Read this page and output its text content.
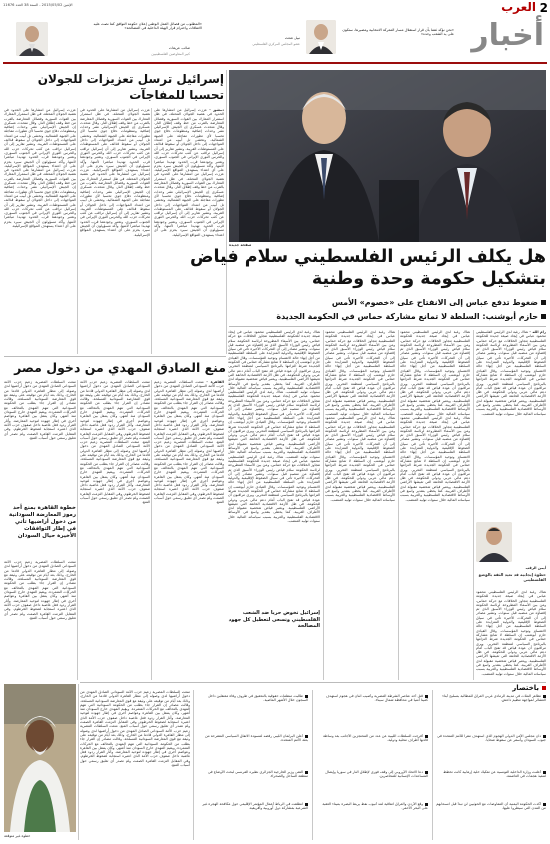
2
العرب
الإثنين 2015/05/02 - السنة 38 العدد 11676
أخبار
«نحن نؤكد ثقتنا بأن قرار استقلال مسار المعركة الانتخابية ومصيرها، ستكون على يد الشعب وحده»
نبيل شعث
عضو المجلس المركزي الفلسطيني
«المطلوب من فصائل العمل الوطني إعلان حكومة التوافق كما نصت عليه الاتفاقات واحترام قرار الهيئة الداخلية في المصالحة»
صائب عريقات
كبير المفاوضين الفلسطينيين
صفحة جديدة
إسرائيل ترسل تعزيزات للجولان
تحسبا للمفاجآت
دمشق - عززت إسرائيل من انتشارها على الحدود في هضبة الجولان المحتلة، في ظل استمرار المعارك بين القوات السورية وفصائل المعارضة بالقرب من خط وقف إطلاق النار. وقال متحدث عسكري إن الجيش الإسرائيلي نشر وحدات إضافية ومنظومات دفاع جوي تحسبا لأي تطورات مفاجئة على الجبهة الشمالية. وتخشى تل أبيب من امتداد المواجهات إلى داخل الجولان أو سقوط قذائف على المستوطنات القريبة. وتشير تقارير إلى أن إسرائيل تراقب عن كثب تحركات حزب الله والحرس الثوري الإيراني في الجنوب السوري، وتعتبر وجودهما قرب الحدود تهديدا مباشرا لأمنها. وأكد مسؤولون أن الجيش سيرد بحزم على أي اعتداء يستهدف المواقع الإسرائيلية. عززت إسرائيل من انتشارها على الحدود في هضبة الجولان المحتلة، في ظل استمرار المعارك بين القوات السورية وفصائل المعارضة بالقرب من خط وقف إطلاق النار. وقال متحدث عسكري إن الجيش الإسرائيلي نشر وحدات إضافية ومنظومات دفاع جوي تحسبا لأي تطورات مفاجئة على الجبهة الشمالية. وتخشى تل أبيب من امتداد المواجهات إلى داخل الجولان أو سقوط قذائف على المستوطنات القريبة. وتشير تقارير إلى أن إسرائيل تراقب عن كثب تحركات حزب الله والحرس الثوري الإيراني في الجنوب السوري، وتعتبر وجودهما قرب الحدود تهديدا مباشرا لأمنها. وأكد مسؤولون أن الجيش سيرد بحزم على أي اعتداء يستهدف المواقع الإسرائيلية.
عززت إسرائيل من انتشارها على الحدود في هضبة الجولان المحتلة، في ظل استمرار المعارك بين القوات السورية وفصائل المعارضة بالقرب من خط وقف إطلاق النار. وقال متحدث عسكري إن الجيش الإسرائيلي نشر وحدات إضافية ومنظومات دفاع جوي تحسبا لأي تطورات مفاجئة على الجبهة الشمالية. وتخشى تل أبيب من امتداد المواجهات إلى داخل الجولان أو سقوط قذائف على المستوطنات القريبة. وتشير تقارير إلى أن إسرائيل تراقب عن كثب تحركات حزب الله والحرس الثوري الإيراني في الجنوب السوري، وتعتبر وجودهما قرب الحدود تهديدا مباشرا لأمنها. وأكد مسؤولون أن الجيش سيرد بحزم على أي اعتداء يستهدف المواقع الإسرائيلية. عززت إسرائيل من انتشارها على الحدود في هضبة الجولان المحتلة، في ظل استمرار المعارك بين القوات السورية وفصائل المعارضة بالقرب من خط وقف إطلاق النار. وقال متحدث عسكري إن الجيش الإسرائيلي نشر وحدات إضافية ومنظومات دفاع جوي تحسبا لأي تطورات مفاجئة على الجبهة الشمالية. وتخشى تل أبيب من امتداد المواجهات إلى داخل الجولان أو سقوط قذائف على المستوطنات القريبة. وتشير تقارير إلى أن إسرائيل تراقب عن كثب تحركات حزب الله والحرس الثوري الإيراني في الجنوب السوري، وتعتبر وجودهما قرب الحدود تهديدا مباشرا لأمنها. وأكد مسؤولون أن الجيش سيرد بحزم على أي اعتداء يستهدف المواقع الإسرائيلية.
عززت إسرائيل من انتشارها على الحدود في هضبة الجولان المحتلة، في ظل استمرار المعارك بين القوات السورية وفصائل المعارضة بالقرب من خط وقف إطلاق النار. وقال متحدث عسكري إن الجيش الإسرائيلي نشر وحدات إضافية ومنظومات دفاع جوي تحسبا لأي تطورات مفاجئة على الجبهة الشمالية. وتخشى تل أبيب من امتداد المواجهات إلى داخل الجولان أو سقوط قذائف على المستوطنات القريبة. وتشير تقارير إلى أن إسرائيل تراقب عن كثب تحركات حزب الله والحرس الثوري الإيراني في الجنوب السوري، وتعتبر وجودهما قرب الحدود تهديدا مباشرا لأمنها. وأكد مسؤولون أن الجيش سيرد بحزم على أي اعتداء يستهدف المواقع الإسرائيلية. عززت إسرائيل من انتشارها على الحدود في هضبة الجولان المحتلة، في ظل استمرار المعارك بين القوات السورية وفصائل المعارضة بالقرب من خط وقف إطلاق النار. وقال متحدث عسكري إن الجيش الإسرائيلي نشر وحدات إضافية ومنظومات دفاع جوي تحسبا لأي تطورات مفاجئة على الجبهة الشمالية. وتخشى تل أبيب من امتداد المواجهات إلى داخل الجولان أو سقوط قذائف على المستوطنات القريبة. وتشير تقارير إلى أن إسرائيل تراقب عن كثب تحركات حزب الله والحرس الثوري الإيراني في الجنوب السوري، وتعتبر وجودهما قرب الحدود تهديدا مباشرا لأمنها. وأكد مسؤولون أن الجيش سيرد بحزم على أي اعتداء يستهدف المواقع الإسرائيلية.
هل يكلف الرئيس الفلسطيني سلام فياض
بتشكيل حكومة وحدة وطنية
ضغوط تدفع عباس إلى الانفتاح على «خصوم» الأمس
حازم أبوشنب: السلطة لا تمانع مشاركة حماس في الحكومة الجديدة
رام الله - هناك رغبة لدى الرئيس الفلسطيني محمود عباس في إيجاد صيغة جديدة للحكومة الفلسطينية تتجاوز الخلافات مع حركة حماس، ومن بين الأسماء المطروحة لرئاسة الحكومة سلام فياض رئيس الوزراء الأسبق الذي تم إقصاؤه من منصبه قبل سنوات. وتشير مصادر إلى أن التحركات الأخيرة تأتي في سياق الضغوط الإقليمية والدولية المتزايدة على السلطة الفلسطينية من أجل إنهاء حالة الانقسام وتوحيد المؤسسات. وقال القيادي حازم أبوشنب إن السلطة لا تمانع مشاركة حماس في الحكومة الجديدة شرط التزامها بالبرنامج السياسي لمنظمة التحرير. ويرى مراقبون أن عودة فياض قد تفتح الباب أمام دعم مالي عربي ودولي للحكومة، في ظل الأزمة الاقتصادية الخانقة التي تعيشها الأراضي الفلسطينية. ويعتبر فياض شخصية مقبولة لدى الأطراف الغربية، كما يحظى بتقدير واسع في الأوساط الاقتصادية الفلسطينية والعربية بسبب سياساته المالية خلال سنوات توليه المنصب.
هناك رغبة لدى الرئيس الفلسطيني محمود عباس في إيجاد صيغة جديدة للحكومة الفلسطينية تتجاوز الخلافات مع حركة حماس، ومن بين الأسماء المطروحة لرئاسة الحكومة سلام فياض رئيس الوزراء الأسبق الذي تم إقصاؤه من منصبه قبل سنوات. وتشير مصادر إلى أن التحركات الأخيرة تأتي في سياق الضغوط الإقليمية والدولية المتزايدة على السلطة الفلسطينية من أجل إنهاء حالة الانقسام وتوحيد المؤسسات. وقال القيادي حازم أبوشنب إن السلطة لا تمانع مشاركة حماس في الحكومة الجديدة شرط التزامها بالبرنامج السياسي لمنظمة التحرير. ويرى مراقبون أن عودة فياض قد تفتح الباب أمام دعم مالي عربي ودولي للحكومة، في ظل الأزمة الاقتصادية الخانقة التي تعيشها الأراضي الفلسطينية. ويعتبر فياض شخصية مقبولة لدى الأطراف الغربية، كما يحظى بتقدير واسع في الأوساط الاقتصادية الفلسطينية والعربية بسبب سياساته المالية خلال سنوات توليه المنصب. هناك رغبة لدى الرئيس الفلسطيني محمود عباس في إيجاد صيغة جديدة للحكومة الفلسطينية تتجاوز الخلافات مع حركة حماس، ومن بين الأسماء المطروحة لرئاسة الحكومة سلام فياض رئيس الوزراء الأسبق الذي تم إقصاؤه من منصبه قبل سنوات. وتشير مصادر إلى أن التحركات الأخيرة تأتي في سياق الضغوط الإقليمية والدولية المتزايدة على السلطة الفلسطينية من أجل إنهاء حالة الانقسام وتوحيد المؤسسات. وقال القيادي حازم أبوشنب إن السلطة لا تمانع مشاركة حماس في الحكومة الجديدة شرط التزامها بالبرنامج السياسي لمنظمة التحرير. ويرى مراقبون أن عودة فياض قد تفتح الباب أمام دعم مالي عربي ودولي للحكومة، في ظل الأزمة الاقتصادية الخانقة التي تعيشها الأراضي الفلسطينية. ويعتبر فياض شخصية مقبولة لدى الأطراف الغربية، كما يحظى بتقدير واسع في الأوساط الاقتصادية الفلسطينية والعربية بسبب سياساته المالية خلال سنوات توليه المنصب.
هناك رغبة لدى الرئيس الفلسطيني محمود عباس في إيجاد صيغة جديدة للحكومة الفلسطينية تتجاوز الخلافات مع حركة حماس، ومن بين الأسماء المطروحة لرئاسة الحكومة سلام فياض رئيس الوزراء الأسبق الذي تم إقصاؤه من منصبه قبل سنوات. وتشير مصادر إلى أن التحركات الأخيرة تأتي في سياق الضغوط الإقليمية والدولية المتزايدة على السلطة الفلسطينية من أجل إنهاء حالة الانقسام وتوحيد المؤسسات. وقال القيادي حازم أبوشنب إن السلطة لا تمانع مشاركة حماس في الحكومة الجديدة شرط التزامها بالبرنامج السياسي لمنظمة التحرير. ويرى مراقبون أن عودة فياض قد تفتح الباب أمام دعم مالي عربي ودولي للحكومة، في ظل الأزمة الاقتصادية الخانقة التي تعيشها الأراضي الفلسطينية. ويعتبر فياض شخصية مقبولة لدى الأطراف الغربية، كما يحظى بتقدير واسع في الأوساط الاقتصادية الفلسطينية والعربية بسبب سياساته المالية خلال سنوات توليه المنصب. هناك رغبة لدى الرئيس الفلسطيني محمود عباس في إيجاد صيغة جديدة للحكومة الفلسطينية تتجاوز الخلافات مع حركة حماس، ومن بين الأسماء المطروحة لرئاسة الحكومة سلام فياض رئيس الوزراء الأسبق الذي تم إقصاؤه من منصبه قبل سنوات. وتشير مصادر إلى أن التحركات الأخيرة تأتي في سياق الضغوط الإقليمية والدولية المتزايدة على السلطة الفلسطينية من أجل إنهاء حالة الانقسام وتوحيد المؤسسات. وقال القيادي حازم أبوشنب إن السلطة لا تمانع مشاركة حماس في الحكومة الجديدة شرط التزامها بالبرنامج السياسي لمنظمة التحرير. ويرى مراقبون أن عودة فياض قد تفتح الباب أمام دعم مالي عربي ودولي للحكومة، في ظل الأزمة الاقتصادية الخانقة التي تعيشها الأراضي الفلسطينية. ويعتبر فياض شخصية مقبولة لدى الأطراف الغربية، كما يحظى بتقدير واسع في الأوساط الاقتصادية الفلسطينية والعربية بسبب سياساته المالية خلال سنوات توليه المنصب.
هناك رغبة لدى الرئيس الفلسطيني محمود عباس في إيجاد صيغة جديدة للحكومة الفلسطينية تتجاوز الخلافات مع حركة حماس، ومن بين الأسماء المطروحة لرئاسة الحكومة سلام فياض رئيس الوزراء الأسبق الذي تم إقصاؤه من منصبه قبل سنوات. وتشير مصادر إلى أن التحركات الأخيرة تأتي في سياق الضغوط الإقليمية والدولية المتزايدة على السلطة الفلسطينية من أجل إنهاء حالة الانقسام وتوحيد المؤسسات. وقال القيادي حازم أبوشنب إن السلطة لا تمانع مشاركة حماس في الحكومة الجديدة شرط التزامها بالبرنامج السياسي لمنظمة التحرير. ويرى مراقبون أن عودة فياض قد تفتح الباب أمام دعم مالي عربي ودولي للحكومة، في ظل الأزمة الاقتصادية الخانقة التي تعيشها الأراضي الفلسطينية. ويعتبر فياض شخصية مقبولة لدى الأطراف الغربية، كما يحظى بتقدير واسع في الأوساط الاقتصادية الفلسطينية والعربية بسبب سياساته المالية خلال سنوات توليه المنصب. هناك رغبة لدى الرئيس الفلسطيني محمود عباس في إيجاد صيغة جديدة للحكومة الفلسطينية تتجاوز الخلافات مع حركة حماس، ومن بين الأسماء المطروحة لرئاسة الحكومة سلام فياض رئيس الوزراء الأسبق الذي تم إقصاؤه من منصبه قبل سنوات. وتشير مصادر إلى أن التحركات الأخيرة تأتي في سياق الضغوط الإقليمية والدولية المتزايدة على السلطة الفلسطينية من أجل إنهاء حالة الانقسام وتوحيد المؤسسات. وقال القيادي حازم أبوشنب إن السلطة لا تمانع مشاركة حماس في الحكومة الجديدة شرط التزامها بالبرنامج السياسي لمنظمة التحرير. ويرى مراقبون أن عودة فياض قد تفتح الباب أمام دعم مالي عربي ودولي للحكومة، في ظل الأزمة الاقتصادية الخانقة التي تعيشها الأراضي الفلسطينية. ويعتبر فياض شخصية مقبولة لدى الأطراف الغربية، كما يحظى بتقدير واسع في الأوساط الاقتصادية الفلسطينية والعربية بسبب سياساته المالية خلال سنوات توليه المنصب. هناك رغبة لدى الرئيس الفلسطيني محمود عباس في إيجاد صيغة جديدة للحكومة الفلسطينية تتجاوز الخلافات مع حركة حماس، ومن بين الأسماء المطروحة لرئاسة الحكومة سلام فياض رئيس الوزراء الأسبق الذي تم إقصاؤه من منصبه قبل سنوات. وتشير مصادر إلى أن التحركات الأخيرة تأتي في سياق الضغوط الإقليمية والدولية المتزايدة على السلطة الفلسطينية من أجل إنهاء حالة الانقسام وتوحيد المؤسسات. وقال القيادي حازم أبوشنب إن السلطة لا تمانع مشاركة حماس في الحكومة الجديدة شرط التزامها بالبرنامج السياسي لمنظمة التحرير. ويرى مراقبون أن عودة فياض قد تفتح الباب أمام دعم مالي عربي ودولي للحكومة، في ظل الأزمة الاقتصادية الخانقة التي تعيشها الأراضي الفلسطينية. ويعتبر فياض شخصية مقبولة لدى الأطراف الغربية، كما يحظى بتقدير واسع في الأوساط الاقتصادية الفلسطينية والعربية بسبب سياساته المالية خلال سنوات توليه المنصب.
أيمن الرقب
خطوة إيجابية قد تعيد الثقة بالوضع الفلسطيني
هناك رغبة لدى الرئيس الفلسطيني محمود عباس في إيجاد صيغة جديدة للحكومة الفلسطينية تتجاوز الخلافات مع حركة حماس، ومن بين الأسماء المطروحة لرئاسة الحكومة سلام فياض رئيس الوزراء الأسبق الذي تم إقصاؤه من منصبه قبل سنوات. وتشير مصادر إلى أن التحركات الأخيرة تأتي في سياق الضغوط الإقليمية والدولية المتزايدة على السلطة الفلسطينية من أجل إنهاء حالة الانقسام وتوحيد المؤسسات. وقال القيادي حازم أبوشنب إن السلطة لا تمانع مشاركة حماس في الحكومة الجديدة شرط التزامها بالبرنامج السياسي لمنظمة التحرير. ويرى مراقبون أن عودة فياض قد تفتح الباب أمام دعم مالي عربي ودولي للحكومة، في ظل الأزمة الاقتصادية الخانقة التي تعيشها الأراضي الفلسطينية. ويعتبر فياض شخصية مقبولة لدى الأطراف الغربية، كما يحظى بتقدير واسع في الأوساط الاقتصادية الفلسطينية والعربية بسبب سياساته المالية خلال سنوات توليه المنصب.
إسرائيل تخوض حربا ضد الشعب الفلسطيني وتسعى لتعطيل كل جهود المصالحة
منع الصادق المهدي من دخول مصر
القاهرة - منعت السلطات المصرية زعيم حزب الأمة السوداني الصادق المهدي من دخول أراضيها لدى وصوله إلى مطار القاهرة الدولي قادما من الخارج، وذلك بعد أيام من توقيعه على وثيقة مع قوى المعارضة السودانية المسلحة. وقالت مصادر إن القرار جاء بطلب من الحكومة السودانية التي تتهم المهدي بالتحالف مع الحركات المتمردة. ويقيم المهدي خارج السودان منذ أشهر، وكان يتنقل بين القاهرة وعواصم أخرى في إطار جهوده لتوحيد المعارضة. وأثار القرار ردود فعل غاضبة داخل صفوف حزب الأمة الذي اعتبره استجابة لضغوط الخرطوم. وفي المقابل التزمت القاهرة الصمت ولم تصدر أي تعليق رسمي حول أسباب المنع. منعت السلطات المصرية زعيم حزب الأمة السوداني الصادق المهدي من دخول أراضيها لدى وصوله إلى مطار القاهرة الدولي قادما من الخارج، وذلك بعد أيام من توقيعه على وثيقة مع قوى المعارضة السودانية المسلحة. وقالت مصادر إن القرار جاء بطلب من الحكومة السودانية التي تتهم المهدي بالتحالف مع الحركات المتمردة. ويقيم المهدي خارج السودان منذ أشهر، وكان يتنقل بين القاهرة وعواصم أخرى في إطار جهوده لتوحيد المعارضة. وأثار القرار ردود فعل غاضبة داخل صفوف حزب الأمة الذي اعتبره استجابة لضغوط الخرطوم. وفي المقابل التزمت القاهرة الصمت ولم تصدر أي تعليق رسمي حول أسباب المنع.
منعت السلطات المصرية زعيم حزب الأمة السوداني الصادق المهدي من دخول أراضيها لدى وصوله إلى مطار القاهرة الدولي قادما من الخارج، وذلك بعد أيام من توقيعه على وثيقة مع قوى المعارضة السودانية المسلحة. وقالت مصادر إن القرار جاء بطلب من الحكومة السودانية التي تتهم المهدي بالتحالف مع الحركات المتمردة. ويقيم المهدي خارج السودان منذ أشهر، وكان يتنقل بين القاهرة وعواصم أخرى في إطار جهوده لتوحيد المعارضة. وأثار القرار ردود فعل غاضبة داخل صفوف حزب الأمة الذي اعتبره استجابة لضغوط الخرطوم. وفي المقابل التزمت القاهرة الصمت ولم تصدر أي تعليق رسمي حول أسباب المنع. منعت السلطات المصرية زعيم حزب الأمة السوداني الصادق المهدي من دخول أراضيها لدى وصوله إلى مطار القاهرة الدولي قادما من الخارج، وذلك بعد أيام من توقيعه على وثيقة مع قوى المعارضة السودانية المسلحة. وقالت مصادر إن القرار جاء بطلب من الحكومة السودانية التي تتهم المهدي بالتحالف مع الحركات المتمردة. ويقيم المهدي خارج السودان منذ أشهر، وكان يتنقل بين القاهرة وعواصم أخرى في إطار جهوده لتوحيد المعارضة. وأثار القرار ردود فعل غاضبة داخل صفوف حزب الأمة الذي اعتبره استجابة لضغوط الخرطوم. وفي المقابل التزمت القاهرة الصمت ولم تصدر أي تعليق رسمي حول أسباب المنع.
منعت السلطات المصرية زعيم حزب الأمة السوداني الصادق المهدي من دخول أراضيها لدى وصوله إلى مطار القاهرة الدولي قادما من الخارج، وذلك بعد أيام من توقيعه على وثيقة مع قوى المعارضة السودانية المسلحة. وقالت مصادر إن القرار جاء بطلب من الحكومة السودانية التي تتهم المهدي بالتحالف مع الحركات المتمردة. ويقيم المهدي خارج السودان منذ أشهر، وكان يتنقل بين القاهرة وعواصم أخرى في إطار جهوده لتوحيد المعارضة. وأثار القرار ردود فعل غاضبة داخل صفوف حزب الأمة الذي اعتبره استجابة لضغوط الخرطوم. وفي المقابل التزمت القاهرة الصمت ولم تصدر أي تعليق رسمي حول أسباب المنع.
خطوة القاهرة بمنع أحد رموز المعارضة السودانية من دخول أراضيها تأتي في إطار التوافقات الأخيرة حيال السودان
منعت السلطات المصرية زعيم حزب الأمة السوداني الصادق المهدي من دخول أراضيها لدى وصوله إلى مطار القاهرة الدولي قادما من الخارج، وذلك بعد أيام من توقيعه على وثيقة مع قوى المعارضة السودانية المسلحة. وقالت مصادر إن القرار جاء بطلب من الحكومة السودانية التي تتهم المهدي بالتحالف مع الحركات المتمردة. ويقيم المهدي خارج السودان منذ أشهر، وكان يتنقل بين القاهرة وعواصم أخرى في إطار جهوده لتوحيد المعارضة. وأثار القرار ردود فعل غاضبة داخل صفوف حزب الأمة الذي اعتبره استجابة لضغوط الخرطوم. وفي المقابل التزمت القاهرة الصمت ولم تصدر أي تعليق رسمي حول أسباب المنع.
خطوة غير متوقعة
باختصار
تظاهر المئات في مدينة الرمادي غربي العراق للمطالبة بتسليح أبناء العشائر لمواجهة تنظيم داعش.
دان مجلس الأمن الدولي الهجوم الذي استهدف مقرا للأمم المتحدة في جنوب السودان وأسفر عن سقوط ضحايا.
أعلنت وزارة الداخلية التونسية عن تفكيك خلية إرهابية كانت تخطط لتنفيذ هجمات في العاصمة.
أكدت الحكومة اليمنية أن المفاوضات مع الحوثيين لن تبدأ قبل انسحابهم من المدن التي سيطروا عليها.
قتل أحد عناصر الشرطة المصرية وأصيب اثنان في هجوم استهدف كمينا أمنيا في محافظة شمال سيناء.
أفرجت السلطات الليبية عن عدد من المحتجزين الأجانب بعد وساطة قادتها أطراف محلية ودولية.
دعا الاتحاد الأوروبي إلى وقف فوري لإطلاق النار في سوريا وإيصال المساعدات الإنسانية للمحاصرين.
وقع الأردن والعراق اتفاقية لمد أنبوب نفط يربط البصرة بميناء العقبة على البحر الأحمر.
طالبت منظمات حقوقية بالتحقيق في ظروف وفاة معتقلين داخل السجون خلال الأشهر الماضية.
أعلن البرلمان الليبي رفضه لمسودة الاتفاق السياسي المقترحة من بعثة الأمم المتحدة.
التقى وزير الخارجية الجزائري نظيره الفرنسي لبحث الأوضاع في منطقة الساحل والصحراء.
انطلقت في الرباط أعمال المؤتمر الإقليمي حول مكافحة الهجرة غير الشرعية بمشاركة دول أوروبية وأفريقية.
منعت السلطات المصرية زعيم حزب الأمة السوداني الصادق المهدي من دخول أراضيها لدى وصوله إلى مطار القاهرة الدولي قادما من الخارج، وذلك بعد أيام من توقيعه على وثيقة مع قوى المعارضة السودانية المسلحة. وقالت مصادر إن القرار جاء بطلب من الحكومة السودانية التي تتهم المهدي بالتحالف مع الحركات المتمردة. ويقيم المهدي خارج السودان منذ أشهر، وكان يتنقل بين القاهرة وعواصم أخرى في إطار جهوده لتوحيد المعارضة. وأثار القرار ردود فعل غاضبة داخل صفوف حزب الأمة الذي اعتبره استجابة لضغوط الخرطوم. وفي المقابل التزمت القاهرة الصمت ولم تصدر أي تعليق رسمي حول أسباب المنع. منعت السلطات المصرية زعيم حزب الأمة السوداني الصادق المهدي من دخول أراضيها لدى وصوله إلى مطار القاهرة الدولي قادما من الخارج، وذلك بعد أيام من توقيعه على وثيقة مع قوى المعارضة السودانية المسلحة. وقالت مصادر إن القرار جاء بطلب من الحكومة السودانية التي تتهم المهدي بالتحالف مع الحركات المتمردة. ويقيم المهدي خارج السودان منذ أشهر، وكان يتنقل بين القاهرة وعواصم أخرى في إطار جهوده لتوحيد المعارضة. وأثار القرار ردود فعل غاضبة داخل صفوف حزب الأمة الذي اعتبره استجابة لضغوط الخرطوم. وفي المقابل التزمت القاهرة الصمت ولم تصدر أي تعليق رسمي حول أسباب المنع.
